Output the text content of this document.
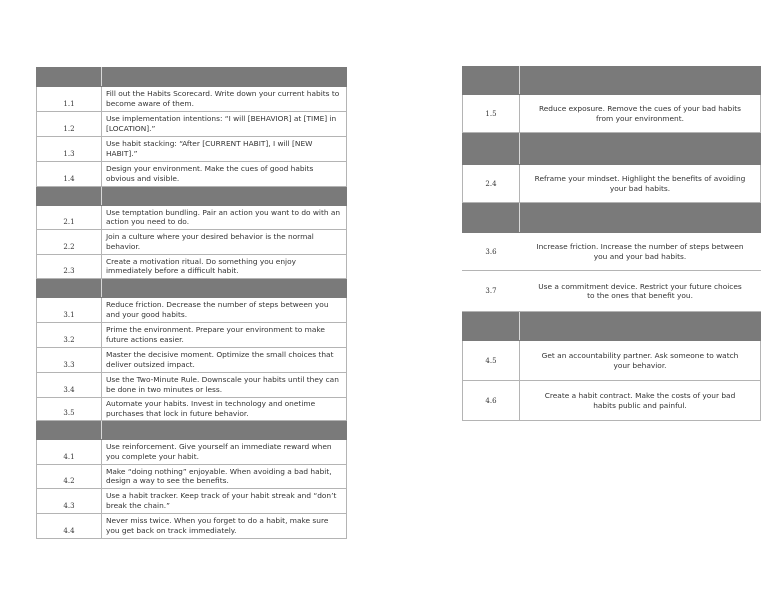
1.1	Fill out the Habits Scorecard. Write down your current habits to become aware of them.
1.2	Use implementation intentions: “I will [BEHAVIOR] at [TIME] in [LOCATION].”
1.3	Use habit stacking: “After [CURRENT HABIT], I will [NEW HABIT].”
1.4	Design your environment. Make the cues of good habits obvious and visible.

2.1	Use temptation bundling. Pair an action you want to do with an action you need to do.
2.2	Join a culture where your desired behavior is the normal behavior.
2.3	Create a motivation ritual. Do something you enjoy immediately before a difficult habit.

3.1	Reduce friction. Decrease the number of steps between you and your good habits.
3.2	Prime the environment. Prepare your environment to make future actions easier.
3.3	Master the decisive moment. Optimize the small choices that deliver outsized impact.
3.4	Use the Two-Minute Rule. Downscale your habits until they can be done in two minutes or less.
3.5	Automate your habits. Invest in technology and onetime purchases that lock in future behavior.

4.1	Use reinforcement. Give yourself an immediate reward when you complete your habit.
4.2	Make “doing nothing” enjoyable. When avoiding a bad habit, design a way to see the benefits.
4.3	Use a habit tracker. Keep track of your habit streak and “don’t break the chain.”
4.4	Never miss twice. When you forget to do a habit, make sure you get back on track immediately.

1.5	Reduce exposure. Remove the cues of your bad habits from your environment.

2.4	Reframe your mindset. Highlight the benefits of avoiding your bad habits.

3.6	Increase friction. Increase the number of steps between you and your bad habits.
3.7	Use a commitment device. Restrict your future choices to the ones that benefit you.

4.5	Get an accountability partner. Ask someone to watch your behavior.
4.6	Create a habit contract. Make the costs of your bad habits public and painful.
